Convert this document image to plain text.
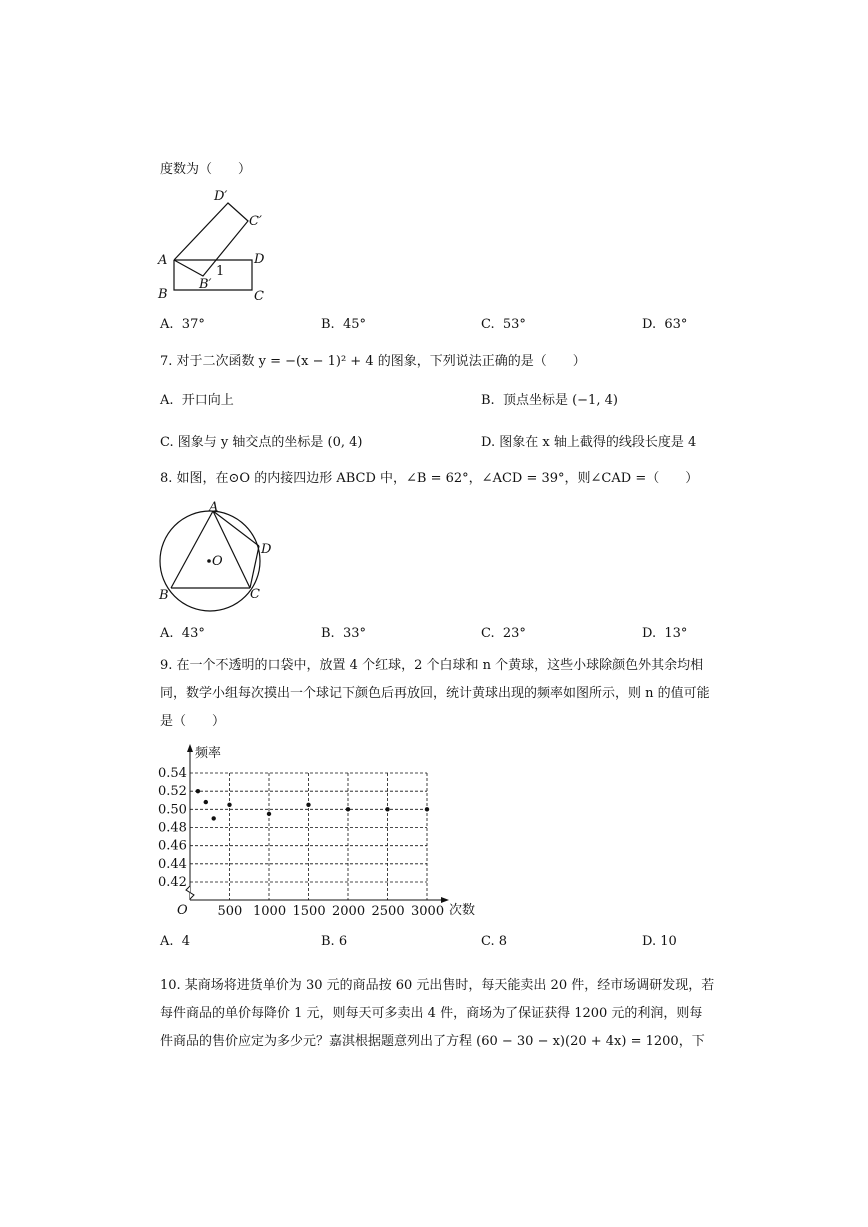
度数为（　　）
A
B	C
D
B′
C′
D′
1
A. 37°	B. 45°	C. 53°	D. 63°
7. 对于二次函数 y = −(x − 1)² + 4 的图象，下列说法正确的是（　　）
A. 开口向上	B. 顶点坐标是 (−1, 4)
C. 图象与 y 轴交点的坐标是 (0, 4)	D. 图象在 x 轴上截得的线段长度是 4
8. 如图，在⊙O 的内接四边形 ABCD 中，∠B = 62°，∠ACD = 39°，则∠CAD =（　　）
A
B	C
D
O
A. 43°	B. 33°	C. 23°	D. 13°
9. 在一个不透明的口袋中，放置 4 个红球，2 个白球和 n 个黄球，这些小球除颜色外其余均相同，数学小组每次摸出一个球记下颜色后再放回，统计黄球出现的频率如图所示，则 n 的值可能是（　　）
0.42
0.44
0.46
0.48
0.50
0.52
0.54
500 1000 1500 2000 2500 3000
频率
次数
O
A. 4	B. 6	C. 8	D. 10
10. 某商场将进货单价为 30 元的商品按 60 元出售时，每天能卖出 20 件，经市场调研发现，若每件商品的单价每降价 1 元，则每天可多卖出 4 件，商场为了保证获得 1200 元的利润，则每件商品的售价应定为多少元？嘉淇根据题意列出了方程 (60 − 30 − x)(20 + 4x) = 1200，下
